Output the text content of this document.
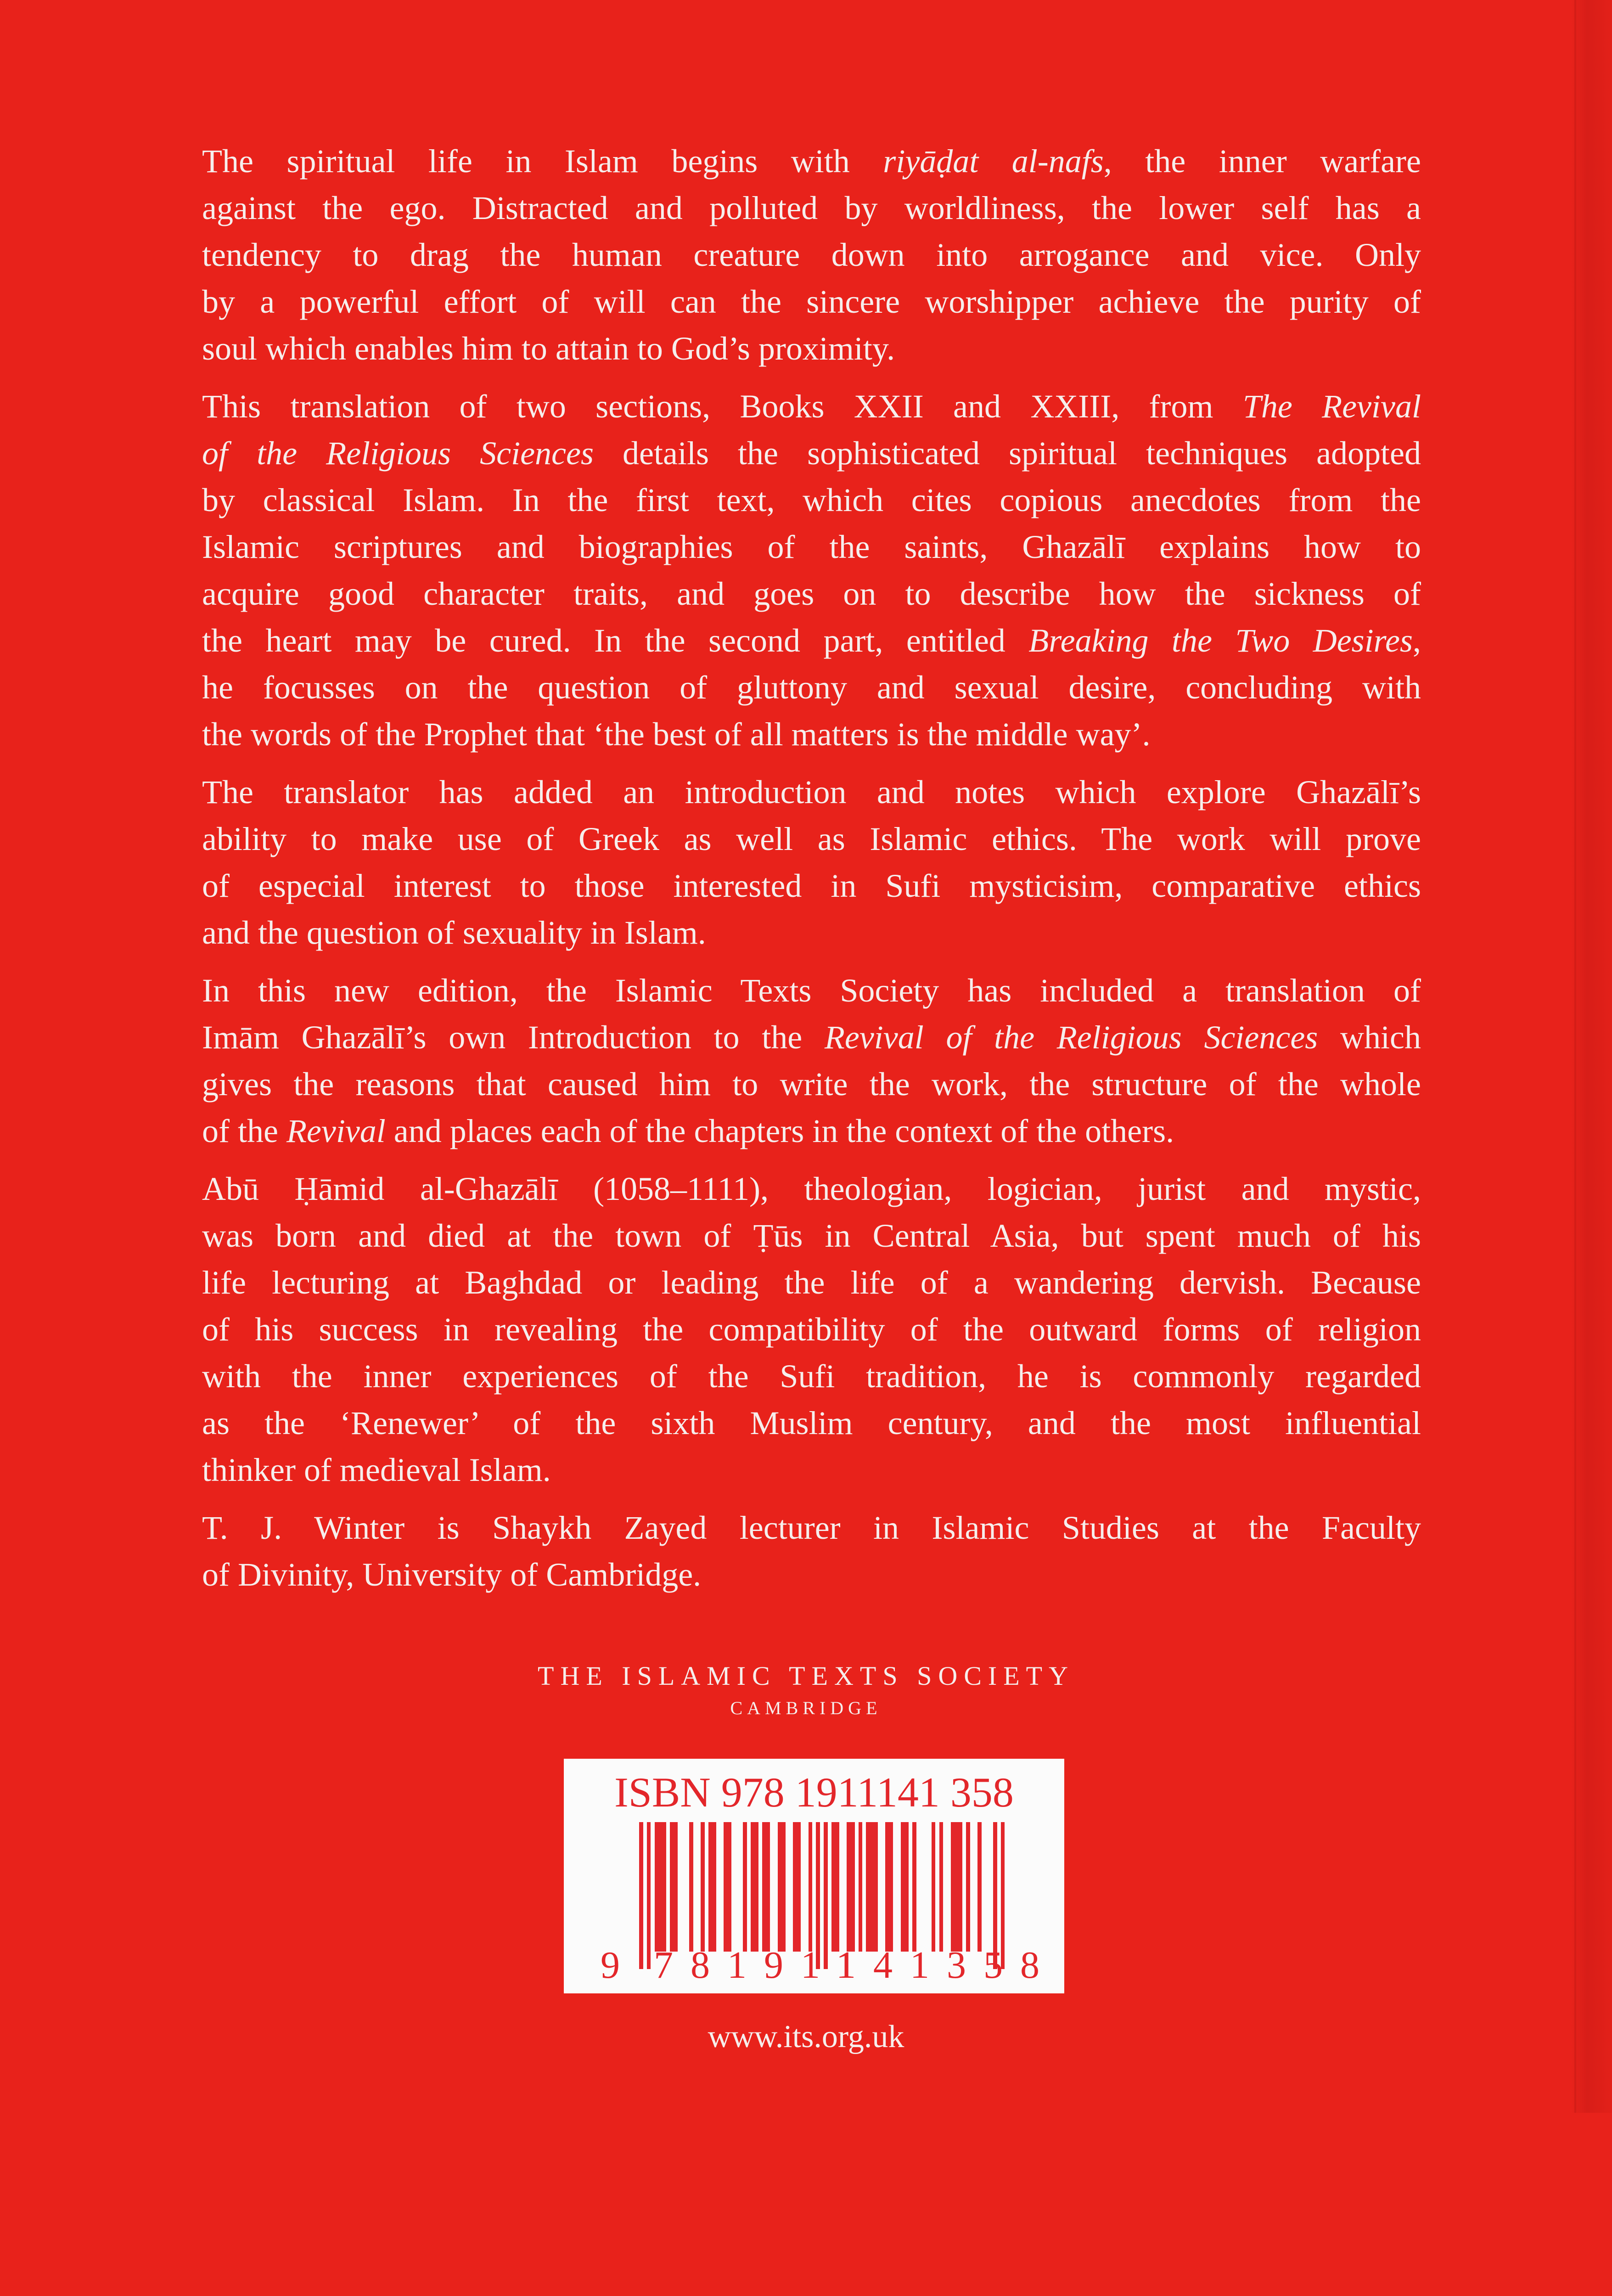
The spiritual life in Islam begins with riyāḍat al-nafs, the inner warfare
against the ego. Distracted and polluted by worldliness, the lower self has a
tendency to drag the human creature down into arrogance and vice. Only
by a powerful effort of will can the sincere worshipper achieve the purity of
soul which enables him to attain to God’s proximity.
This translation of two sections, Books XXII and XXIII, from The Revival
of the Religious Sciences details the sophisticated spiritual techniques adopted
by classical Islam. In the first text, which cites copious anecdotes from the
Islamic scriptures and biographies of the saints, Ghazālī explains how to
acquire good character traits, and goes on to describe how the sickness of
the heart may be cured. In the second part, entitled Breaking the Two Desires,
he focusses on the question of gluttony and sexual desire, concluding with
the words of the Prophet that ‘the best of all matters is the middle way’.
The translator has added an introduction and notes which explore Ghazālī’s
ability to make use of Greek as well as Islamic ethics. The work will prove
of especial interest to those interested in Sufi mysticisim, comparative ethics
and the question of sexuality in Islam.
In this new edition, the Islamic Texts Society has included a translation of
Imām Ghazālī’s own Introduction to the Revival of the Religious Sciences which
gives the reasons that caused him to write the work, the structure of the whole
of the Revival and places each of the chapters in the context of the others.
Abū Ḥāmid al-Ghazālī (1058–1111), theologian, logician, jurist and mystic,
was born and died at the town of Ṭūs in Central Asia, but spent much of his
life lecturing at Baghdad or leading the life of a wandering dervish. Because
of his success in revealing the compatibility of the outward forms of religion
with the inner experiences of the Sufi tradition, he is commonly regarded
as the ‘Renewer’ of the sixth Muslim century, and the most influential
thinker of medieval Islam.
T. J. Winter is Shaykh Zayed lecturer in Islamic Studies at the Faculty
of Divinity, University of Cambridge.
THE ISLAMIC TEXTS SOCIETY
CAMBRIDGE
ISBN 978 1911141 358
9 781911
141358
www.its.org.uk
